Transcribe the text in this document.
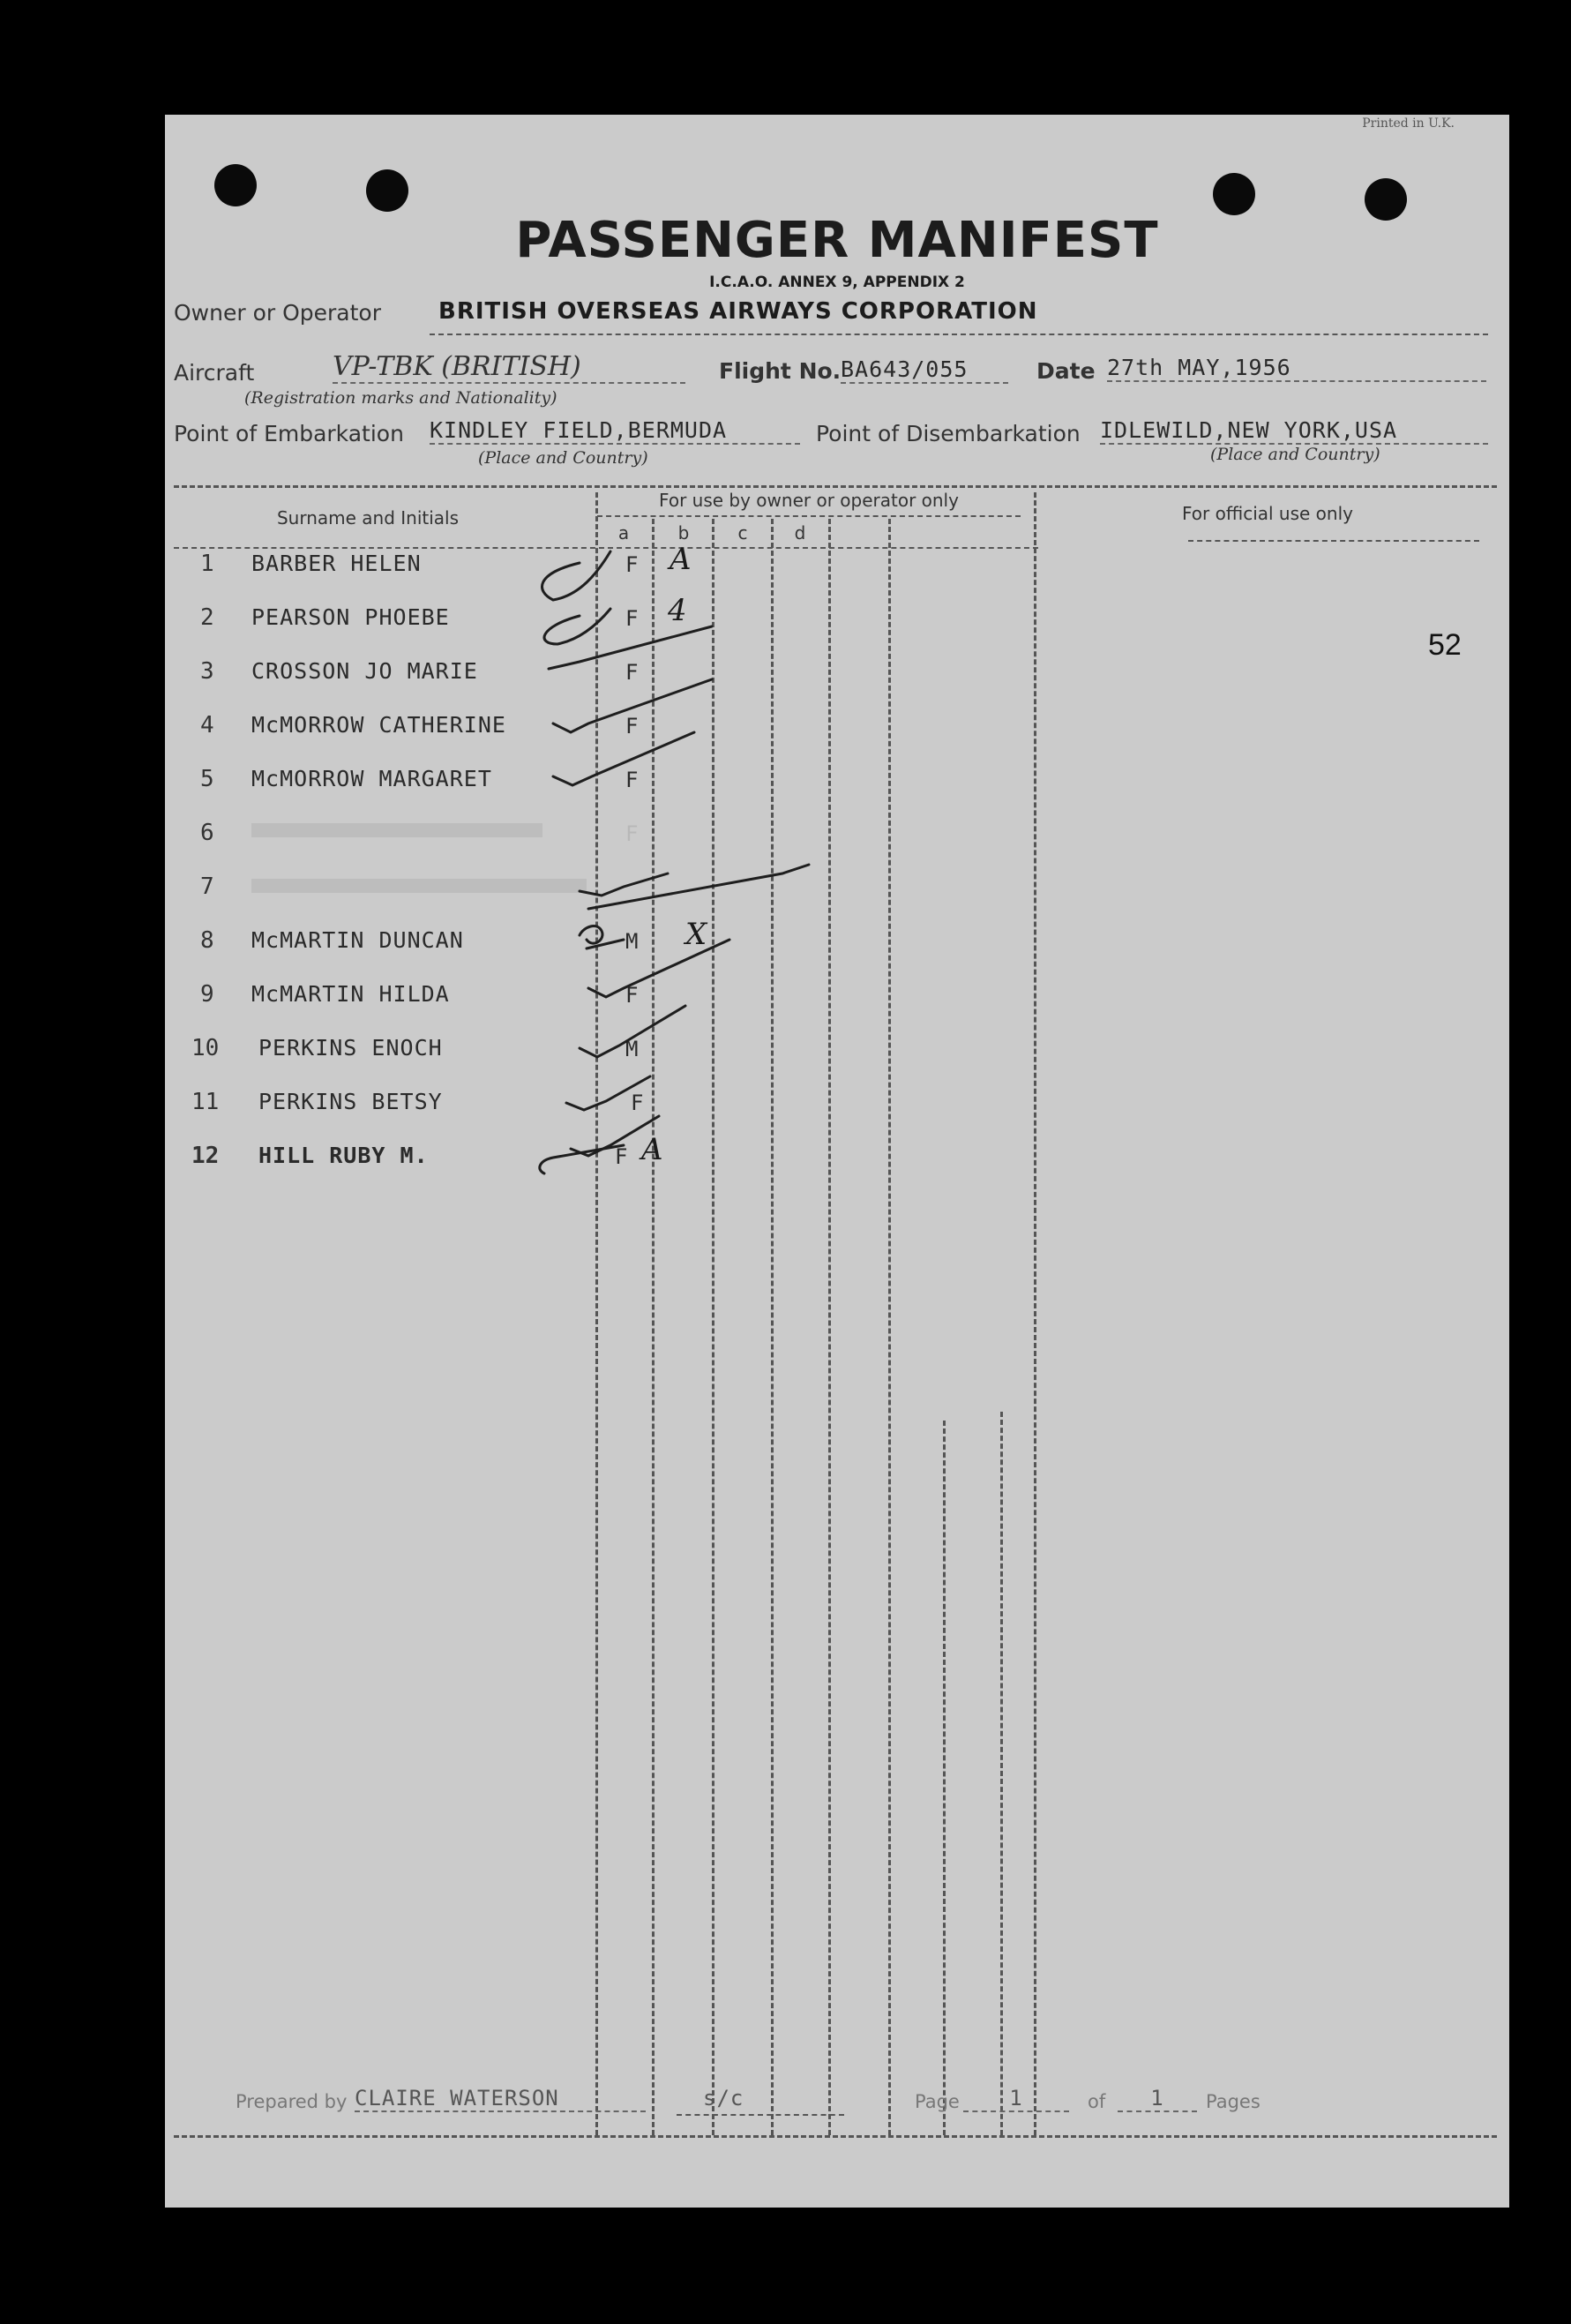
Printed in U.K.
PASSENGER MANIFEST
I.C.A.O. ANNEX 9, APPENDIX 2
Owner or Operator	BRITISH OVERSEAS AIRWAYS CORPORATION
Aircraft	VP-TBK (BRITISH)	Flight No. BA643/055	Date 27th MAY,1956
(Registration marks and Nationality)
Point of Embarkation KINDLEY FIELD,BERMUDA	Point of Disembarkation IDLEWILD,NEW YORK,USA
(Place and Country)	(Place and Country)
Surname and Initials
For use by owner or operator only
a	b	c	d
For official use only
52
1 BARBER HELEN	F A
2 PEARSON PHOEBE	F 4
3 CROSSON JO MARIE	F
4 McMORROW CATHERINE	F
5 McMORROW MARGARET	F
6	F
7
8 McMARTIN DUNCAN	M X
9 McMARTIN HILDA	F
10 PERKINS ENOCH	M
11 PERKINS BETSY	F
12 HILL RUBY M.	F A
Prepared by CLAIRE WATERSON	s/c	Page	1	of	1	Pages
